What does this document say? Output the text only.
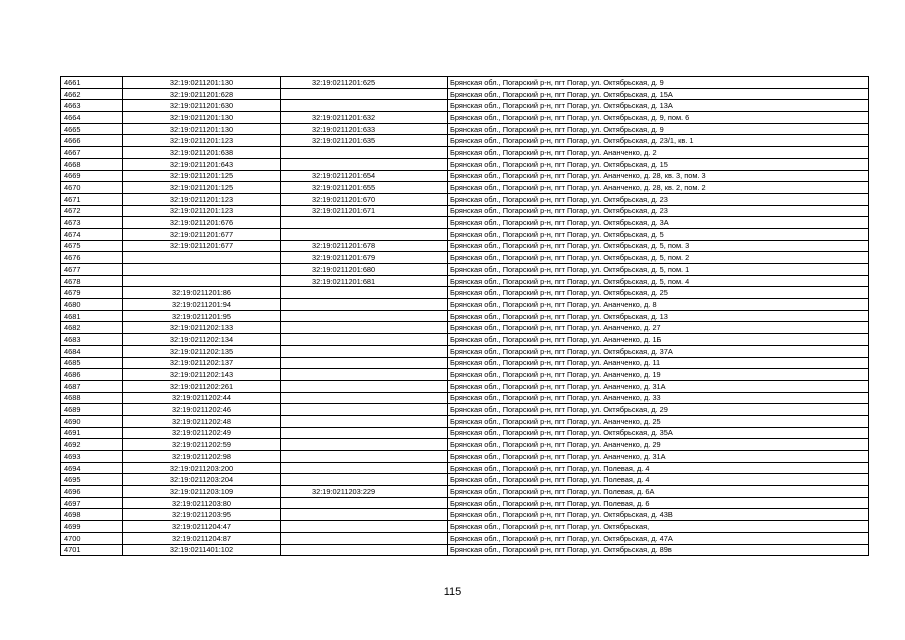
4661	32:19:0211201:130	32:19:0211201:625	Брянская обл., Погарский р-н, пгт Погар, ул. Октябрьская, д. 9
4662	32:19:0211201:628		Брянская обл., Погарский р-н, пгт Погар, ул. Октябрьская, д. 15А
4663	32:19:0211201:630		Брянская обл., Погарский р-н, пгт Погар, ул. Октябрьская, д. 13А
4664	32:19:0211201:130	32:19:0211201:632	Брянская обл., Погарский р-н, пгт Погар, ул. Октябрьская, д. 9, пом. 6
4665	32:19:0211201:130	32:19:0211201:633	Брянская обл., Погарский р-н, пгт Погар, ул. Октябрьская, д. 9
4666	32:19:0211201:123	32:19:0211201:635	Брянская обл., Погарский р-н, пгт Погар, ул. Октябрьская, д. 23/1, кв. 1
4667	32:19:0211201:638		Брянская обл., Погарский р-н, пгт Погар, ул. Ананченко, д. 2
4668	32:19:0211201:643		Брянская обл., Погарский р-н, пгт Погар, ул. Октябрьская, д. 15
4669	32:19:0211201:125	32:19:0211201:654	Брянская обл., Погарский р-н, пгт Погар, ул. Ананченко, д. 28, кв. 3, пом. 3
4670	32:19:0211201:125	32:19:0211201:655	Брянская обл., Погарский р-н, пгт Погар, ул. Ананченко, д. 28, кв. 2, пом. 2
4671	32:19:0211201:123	32:19:0211201:670	Брянская обл., Погарский р-н, пгт Погар, ул. Октябрьская, д. 23
4672	32:19:0211201:123	32:19:0211201:671	Брянская обл., Погарский р-н, пгт Погар, ул. Октябрьская, д. 23
4673	32:19:0211201:676		Брянская обл., Погарский р-н, пгт Погар, ул. Октябрьская, д. 3А
4674	32:19:0211201:677		Брянская обл., Погарский р-н, пгт Погар, ул. Октябрьская, д. 5
4675	32:19:0211201:677	32:19:0211201:678	Брянская обл., Погарский р-н, пгт Погар, ул. Октябрьская, д. 5, пом. 3
4676		32:19:0211201:679	Брянская обл., Погарский р-н, пгт Погар, ул. Октябрьская, д. 5, пом. 2
4677		32:19:0211201:680	Брянская обл., Погарский р-н, пгт Погар, ул. Октябрьская, д. 5, пом. 1
4678		32:19:0211201:681	Брянская обл., Погарский р-н, пгт Погар, ул. Октябрьская, д. 5, пом. 4
4679	32:19:0211201:86		Брянская обл., Погарский р-н, пгт Погар, ул. Октябрьская, д. 25
4680	32:19:0211201:94		Брянская обл., Погарский р-н, пгт Погар, ул. Ананченко, д. 8
4681	32:19:0211201:95		Брянская обл., Погарский р-н, пгт Погар, ул. Октябрьская, д. 13
4682	32:19:0211202:133		Брянская обл., Погарский р-н, пгт Погар, ул. Ананченко, д. 27
4683	32:19:0211202:134		Брянская обл., Погарский р-н, пгт Погар, ул. Ананченко, д. 1Б
4684	32:19:0211202:135		Брянская обл., Погарский р-н, пгт Погар, ул. Октябрьская, д. 37А
4685	32:19:0211202:137		Брянская обл., Погарский р-н, пгт Погар, ул. Ананченко, д. 11
4686	32:19:0211202:143		Брянская обл., Погарский р-н, пгт Погар, ул. Ананченко, д. 19
4687	32:19:0211202:261		Брянская обл., Погарский р-н, пгт Погар, ул. Ананченко, д. 31А
4688	32:19:0211202:44		Брянская обл., Погарский р-н, пгт Погар, ул. Ананченко, д. 33
4689	32:19:0211202:46		Брянская обл., Погарский р-н, пгт Погар, ул. Октябрьская, д. 29
4690	32:19:0211202:48		Брянская обл., Погарский р-н, пгт Погар, ул. Ананченко, д. 25
4691	32:19:0211202:49		Брянская обл., Погарский р-н, пгт Погар, ул. Октябрьская, д. 35А
4692	32:19:0211202:59		Брянская обл., Погарский р-н, пгт Погар, ул. Ананченко, д. 29
4693	32:19:0211202:98		Брянская обл., Погарский р-н, пгт Погар, ул. Ананченко, д. 31А
4694	32:19:0211203:200		Брянская обл., Погарский р-н, пгт Погар, ул. Полевая, д. 4
4695	32:19:0211203:204		Брянская обл., Погарский р-н, пгт Погар, ул. Полевая, д. 4
4696	32:19:0211203:109	32:19:0211203:229	Брянская обл., Погарский р-н, пгт Погар, ул. Полевая, д. 6А
4697	32:19:0211203:80		Брянская обл., Погарский р-н, пгт Погар, ул. Полевая, д. 6
4698	32:19:0211203:95		Брянская обл., Погарский р-н, пгт Погар, ул. Октябрьская, д. 43В
4699	32:19:0211204:47		Брянская обл., Погарский р-н, пгт Погар, ул. Октябрьская,
4700	32:19:0211204:87		Брянская обл., Погарский р-н, пгт Погар, ул. Октябрьская, д. 47А
4701	32:19:0211401:102		Брянская обл., Погарский р-н, пгт Погар, ул. Октябрьская, д. 89в
115
